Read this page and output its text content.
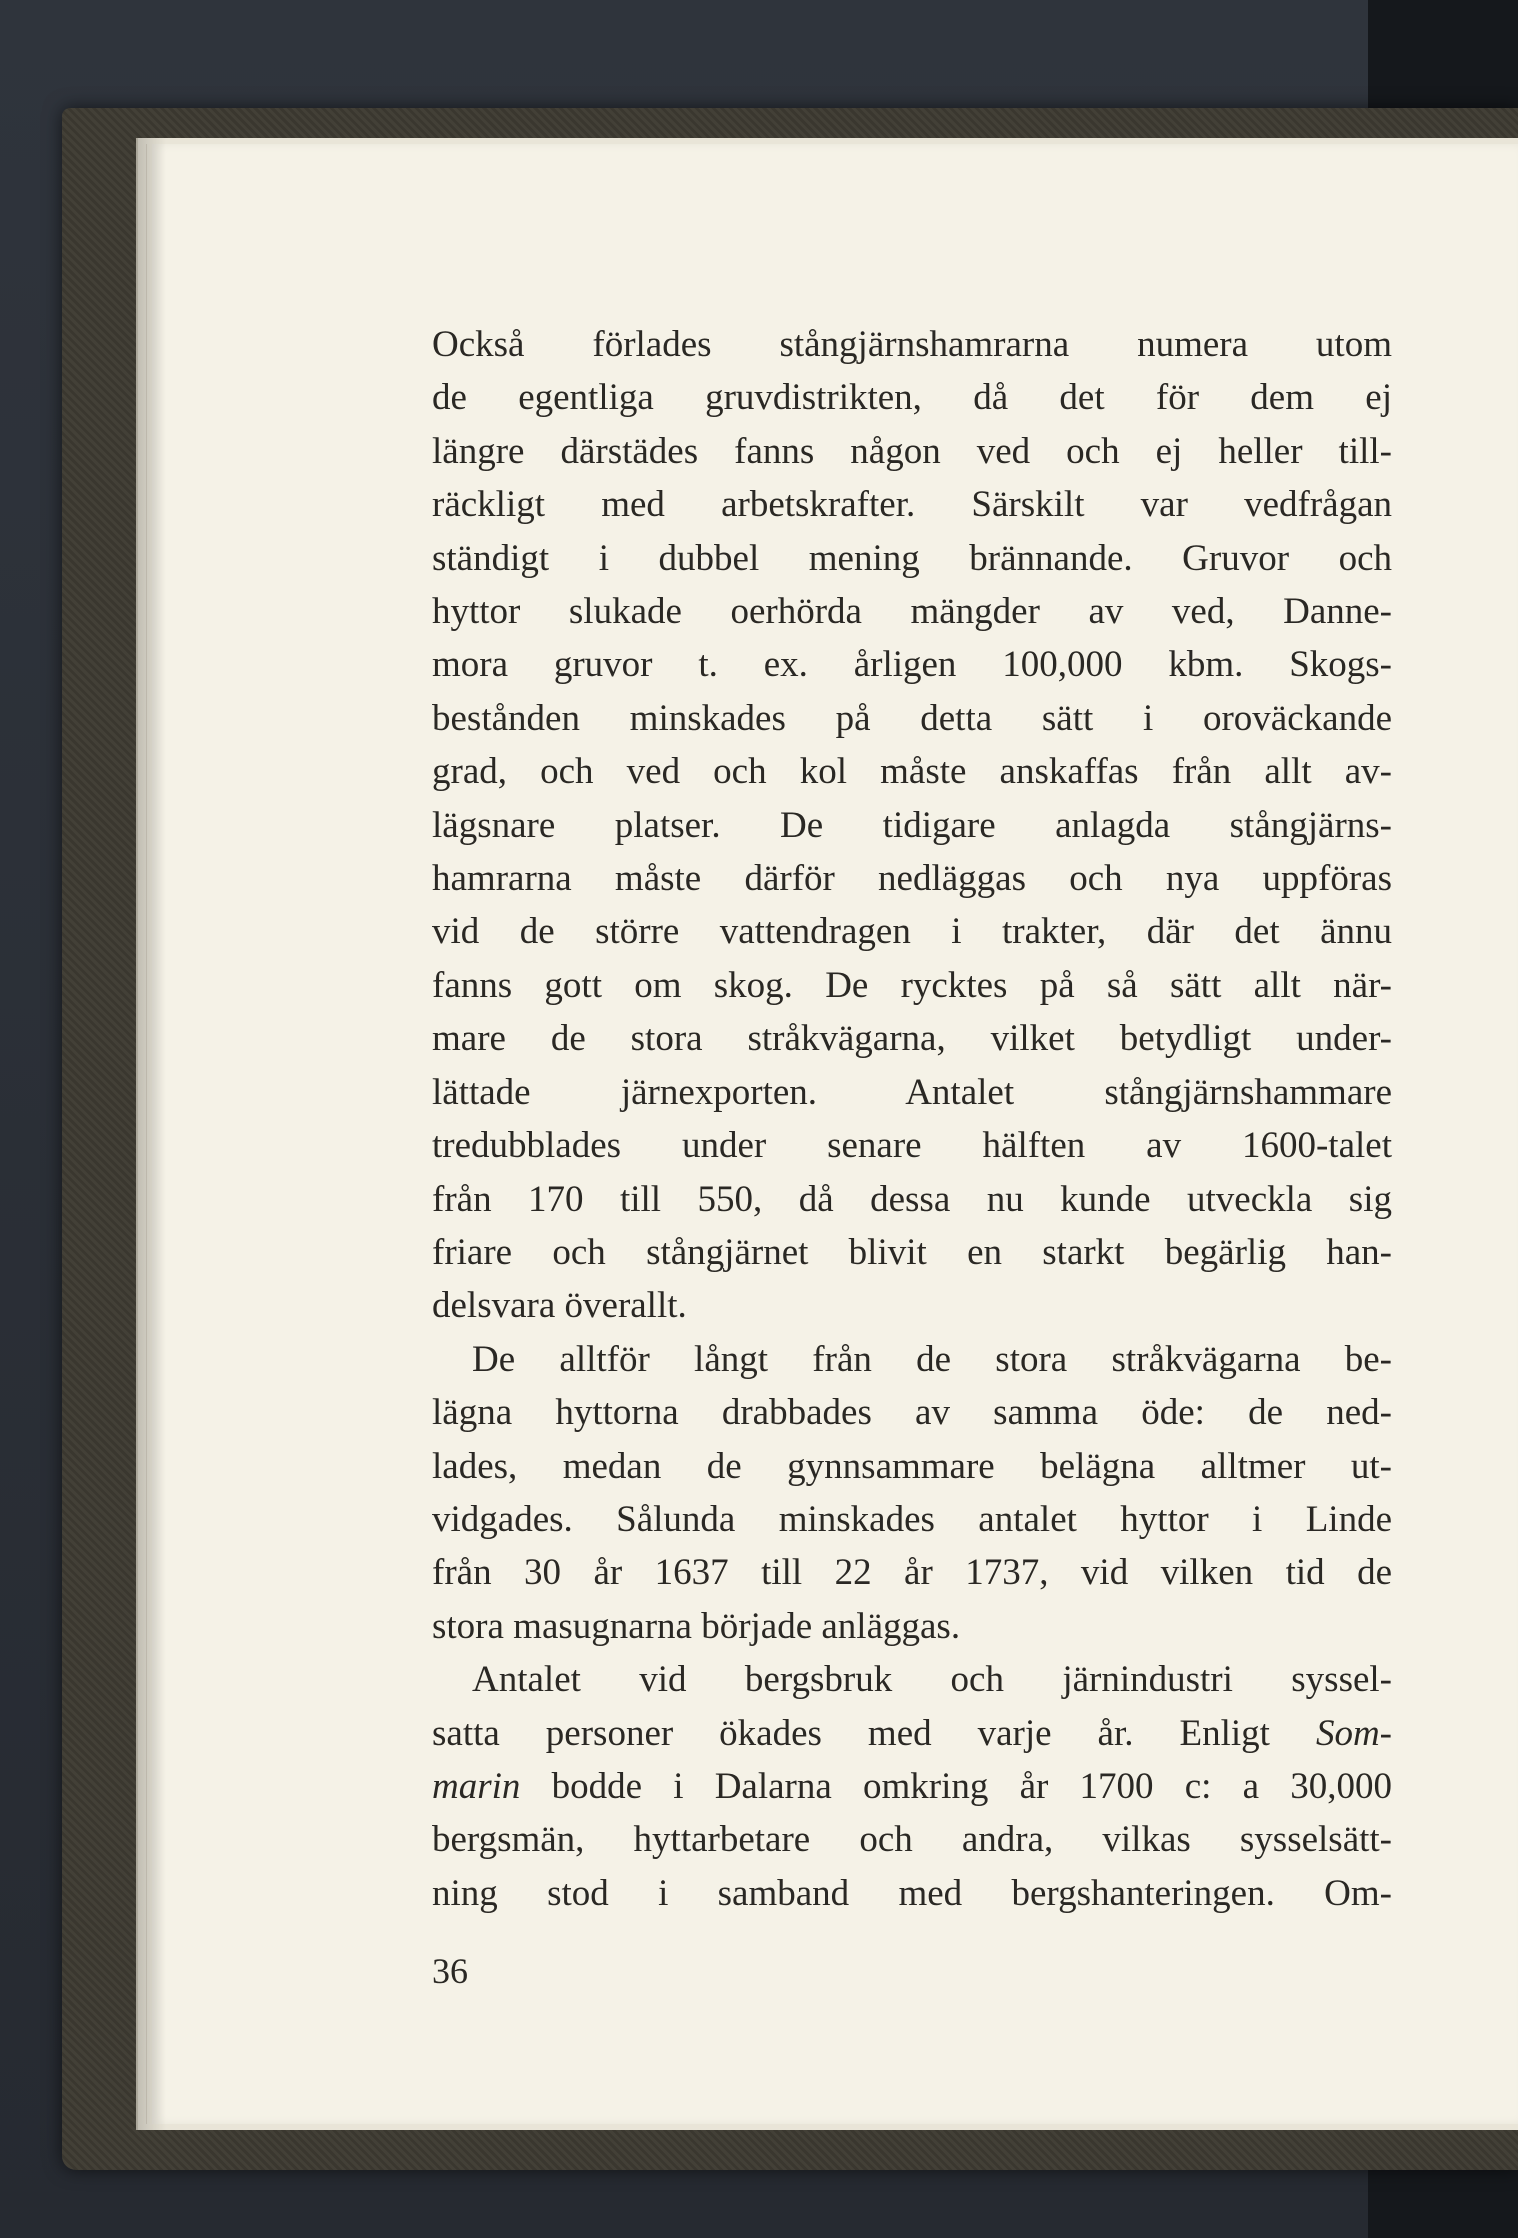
Också förlades stångjärnshamrarna numera utom
de egentliga gruvdistrikten, då det för dem ej
längre därstädes fanns någon ved och ej heller till-
räckligt med arbetskrafter. Särskilt var vedfrågan
ständigt i dubbel mening brännande. Gruvor och
hyttor slukade oerhörda mängder av ved, Danne-
mora gruvor t. ex. årligen 100,000 kbm. Skogs-
bestånden minskades på detta sätt i oroväckande
grad, och ved och kol måste anskaffas från allt av-
lägsnare platser. De tidigare anlagda stångjärns-
hamrarna måste därför nedläggas och nya uppföras
vid de större vattendragen i trakter, där det ännu
fanns gott om skog. De rycktes på så sätt allt när-
mare de stora stråkvägarna, vilket betydligt under-
lättade järnexporten. Antalet stångjärnshammare
tredubblades under senare hälften av 1600-talet
från 170 till 550, då dessa nu kunde utveckla sig
friare och stångjärnet blivit en starkt begärlig han-
delsvara överallt.

De alltför långt från de stora stråkvägarna be-
lägna hyttorna drabbades av samma öde: de ned-
lades, medan de gynnsammare belägna alltmer ut-
vidgades. Sålunda minskades antalet hyttor i Linde
från 30 år 1637 till 22 år 1737, vid vilken tid de
stora masugnarna började anläggas.

Antalet vid bergsbruk och järnindustri syssel-
satta personer ökades med varje år. Enligt Som-
marin bodde i Dalarna omkring år 1700 c: a 30,000
bergsmän, hyttarbetare och andra, vilkas sysselsätt-
ning stod i samband med bergshanteringen. Om-

36
